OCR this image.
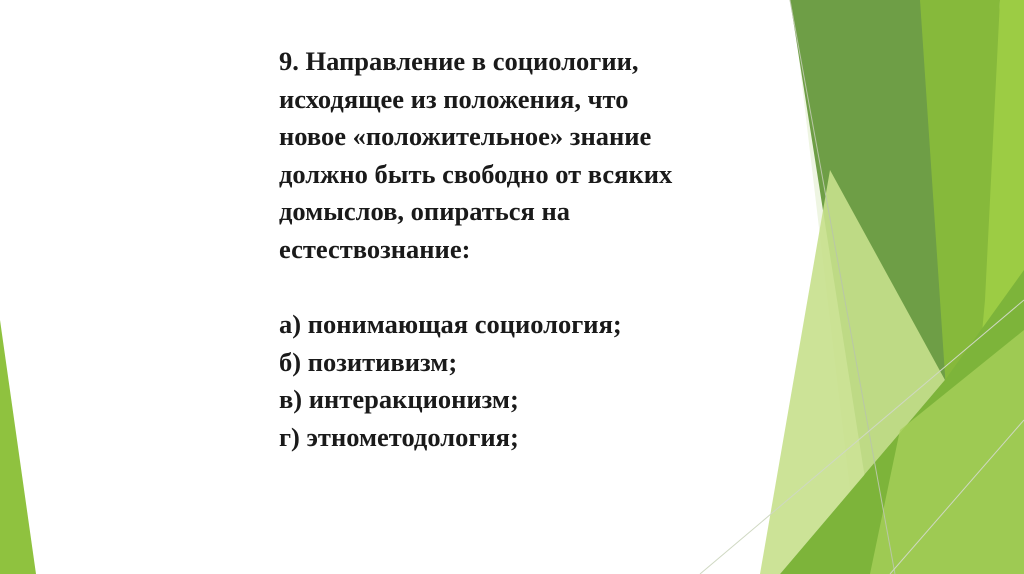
9. Направление в социологии,
исходящее из положения, что
новое «положительное» знание
должно быть свободно от всяких
домыслов, опираться на
естествознание:
а) понимающая социология;
б) позитивизм;
в) интеракционизм;
г) этнометодология;
